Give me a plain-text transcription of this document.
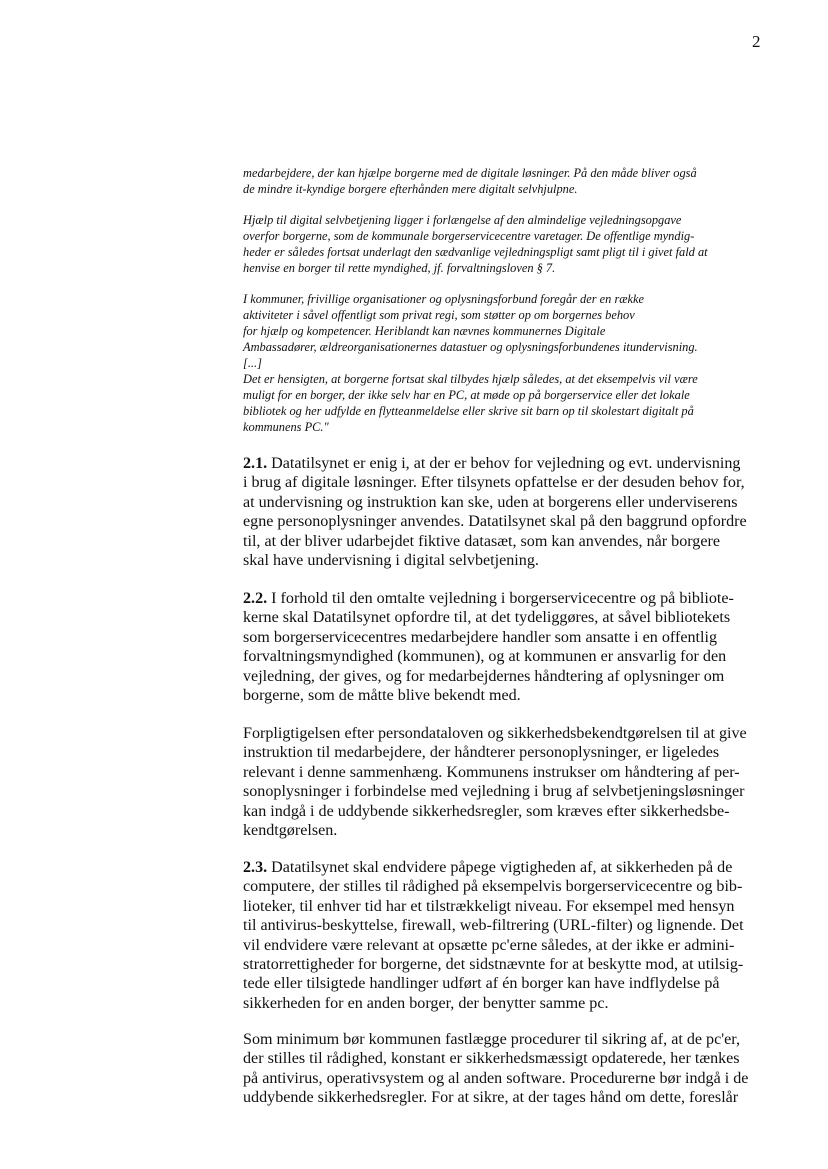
2
medarbejdere, der kan hjælpe borgerne med de digitale løsninger. På den måde bliver også
de mindre it-kyndige borgere efterhånden mere digitalt selvhjulpne.
Hjælp til digital selvbetjening ligger i forlængelse af den almindelige vejledningsopgave
overfor borgerne, som de kommunale borgerservicecentre varetager. De offentlige myndig-
heder er således fortsat underlagt den sædvanlige vejledningspligt samt pligt til i givet fald at
henvise en borger til rette myndighed, jf. forvaltningsloven § 7.
I kommuner, frivillige organisationer og oplysningsforbund foregår der en række
aktiviteter i såvel offentligt som privat regi, som støtter op om borgernes behov
for hjælp og kompetencer. Heriblandt kan nævnes kommunernes Digitale
Ambassadører, ældreorganisationernes datastuer og oplysningsforbundenes itundervisning.
[...]
Det er hensigten, at borgerne fortsat skal tilbydes hjælp således, at det eksempelvis vil være
muligt for en borger, der ikke selv har en PC, at møde op på borgerservice eller det lokale
bibliotek og her udfylde en flytteanmeldelse eller skrive sit barn op til skolestart digitalt på
kommunens PC."
2.1. Datatilsynet er enig i, at der er behov for vejledning og evt. undervisning
i brug af digitale løsninger. Efter tilsynets opfattelse er der desuden behov for,
at undervisning og instruktion kan ske, uden at borgerens eller underviserens
egne personoplysninger anvendes. Datatilsynet skal på den baggrund opfordre
til, at der bliver udarbejdet fiktive datasæt, som kan anvendes, når borgere
skal have undervisning i digital selvbetjening.
2.2. I forhold til den omtalte vejledning i borgerservicecentre og på bibliote-
kerne skal Datatilsynet opfordre til, at det tydeliggøres, at såvel bibliotekets
som borgerservicecentres medarbejdere handler som ansatte i en offentlig
forvaltningsmyndighed (kommunen), og at kommunen er ansvarlig for den
vejledning, der gives, og for medarbejdernes håndtering af oplysninger om
borgerne, som de måtte blive bekendt med.
Forpligtigelsen efter persondataloven og sikkerhedsbekendtgørelsen til at give
instruktion til medarbejdere, der håndterer personoplysninger, er ligeledes
relevant i denne sammenhæng. Kommunens instrukser om håndtering af per-
sonoplysninger i forbindelse med vejledning i brug af selvbetjeningsløsninger
kan indgå i de uddybende sikkerhedsregler, som kræves efter sikkerhedsbe-
kendtgørelsen.
2.3. Datatilsynet skal endvidere påpege vigtigheden af, at sikkerheden på de
computere, der stilles til rådighed på eksempelvis borgerservicecentre og bib-
lioteker, til enhver tid har et tilstrækkeligt niveau. For eksempel med hensyn
til antivirus-beskyttelse, firewall, web-filtrering (URL-filter) og lignende. Det
vil endvidere være relevant at opsætte pc'erne således, at der ikke er admini-
stratorrettigheder for borgerne, det sidstnævnte for at beskytte mod, at utilsig-
tede eller tilsigtede handlinger udført af én borger kan have indflydelse på
sikkerheden for en anden borger, der benytter samme pc.
Som minimum bør kommunen fastlægge procedurer til sikring af, at de pc'er,
der stilles til rådighed, konstant er sikkerhedsmæssigt opdaterede, her tænkes
på antivirus, operativsystem og al anden software. Procedurerne bør indgå i de
uddybende sikkerhedsregler. For at sikre, at der tages hånd om dette, foreslår
